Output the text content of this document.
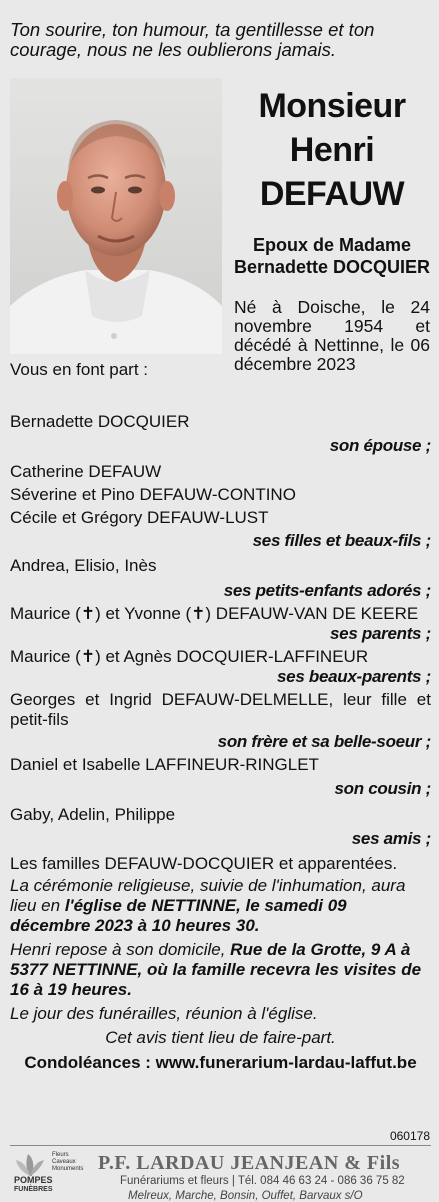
Ton sourire, ton humour, ta gentillesse et ton courage, nous ne les oublierons jamais.
Monsieur
Henri
DEFAUW
Epoux de Madame
Bernadette DOCQUIER
Né à Doische, le 24 novembre 1954 et décédé à Nettinne, le 06 décembre 2023

Vous en font part :

Bernadette DOCQUIER

son épouse ;

Catherine DEFAUW

Séverine et Pino DEFAUW-CONTINO

Cécile et Grégory DEFAUW-LUST

ses filles et beaux-fils ;

Andrea, Elisio, Inès

ses petits-enfants adorés ;

Maurice (✝) et Yvonne (✝) DEFAUW-VAN DE KEERE

ses parents ;

Maurice (✝) et Agnès DOCQUIER-LAFFINEUR

ses beaux-parents ;

Georges et Ingrid DEFAUW-DELMELLE, leur fille et petit-fils

son frère et sa belle-soeur ;

Daniel et Isabelle LAFFINEUR-RINGLET

son cousin ;

Gaby, Adelin, Philippe

ses amis ;

Les familles DEFAUW-DOCQUIER et apparentées.

La cérémonie religieuse, suivie de l'inhumation, aura lieu en l'église de NETTINNE, le samedi 09 décembre 2023 à 10 heures 30.

Henri repose à son domicile, Rue de la Grotte, 9 A à 5377 NETTINNE, où la famille recevra les visites de 16 à 19 heures.

Le jour des funérailles, réunion à l'église.

Cet avis tient lieu de faire-part.

Condoléances : www.funerarium-lardau-laffut.be

060178
Fleurs
Caveaux
Monuments
POMPES
FUNÈBRES
P.F. LARDAU JEANJEAN & Fils
Funérariums et fleurs | Tél. 084 46 63 24 - 086 36 75 82
Melreux, Marche, Bonsin, Ouffet, Barvaux s/O
